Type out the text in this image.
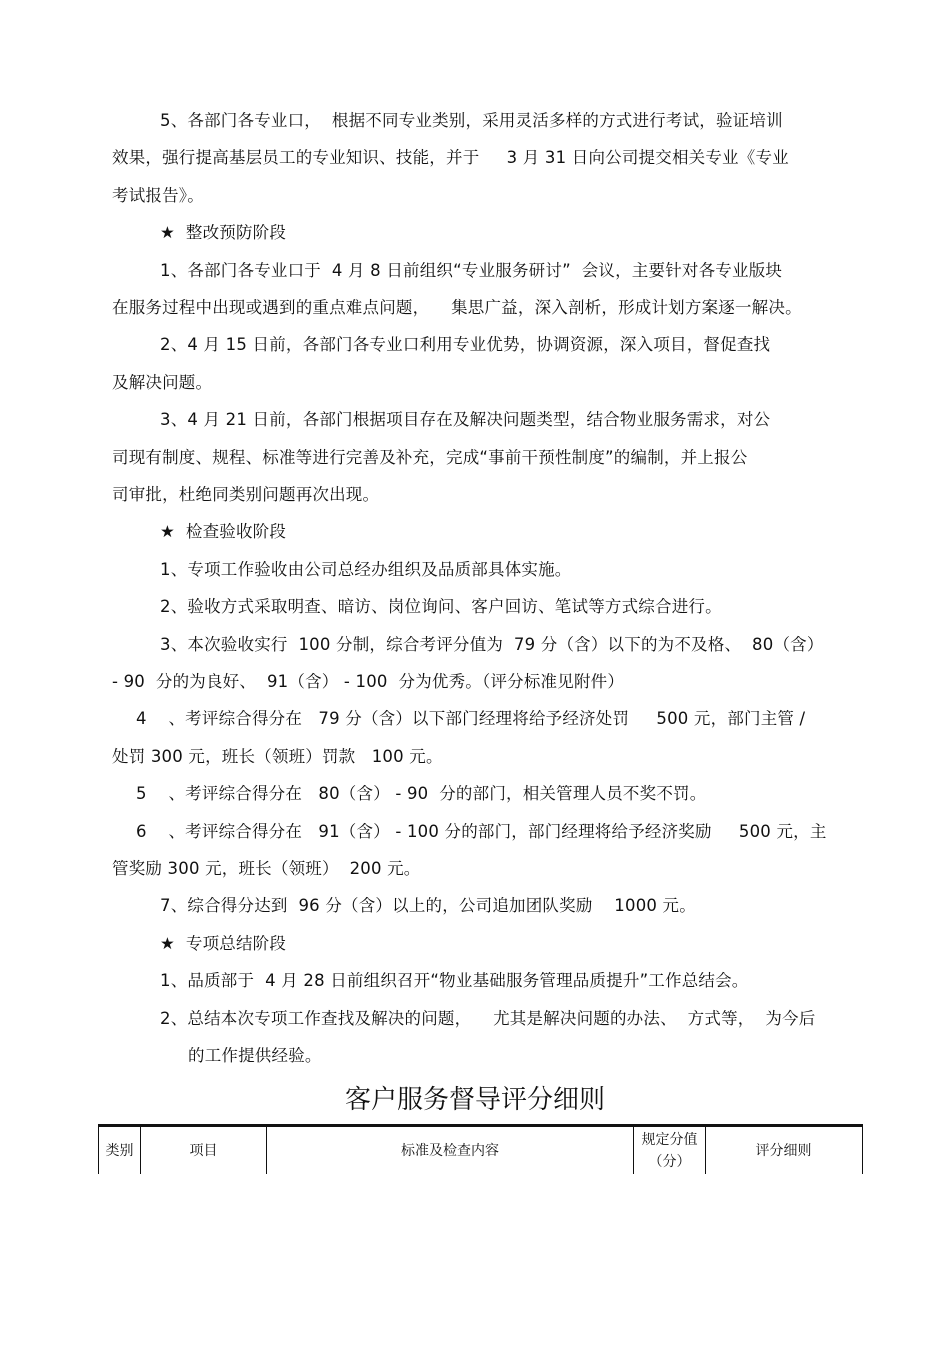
5、各部门各专业口，  根据不同专业类别，采用灵活多样的方式进行考试，验证培训
效果，强行提高基层员工的专业知识、技能，并于     3 月 31 日向公司提交相关专业《专业
考试报告》。
★  整改预防阶段
1、各部门各专业口于  4 月 8 日前组织“专业服务研讨”  会议，主要针对各专业版块
在服务过程中出现或遇到的重点难点问题，    集思广益，深入剖析，形成计划方案逐一解决。
2、4 月 15 日前，各部门各专业口利用专业优势，协调资源，深入项目，督促查找
及解决问题。
3、4 月 21 日前，各部门根据项目存在及解决问题类型，结合物业服务需求，对公
司现有制度、规程、标准等进行完善及补充，完成“事前干预性制度”的编制，并上报公
司审批，杜绝同类别问题再次出现。
★  检查验收阶段
1、专项工作验收由公司总经办组织及品质部具体实施。
2、验收方式采取明查、暗访、岗位询问、客户回访、笔试等方式综合进行。
3、本次验收实行  100 分制，综合考评分值为  79 分（含）以下的为不及格、  80（含）
- 90  分的为良好、  91（含） - 100  分为优秀。（评分标准见附件）
4    、考评综合得分在   79 分（含）以下部门经理将给予经济处罚     500 元，部门主管 /
处罚 300 元，班长（领班）罚款   100 元。
5    、考评综合得分在   80（含） - 90  分的部门，相关管理人员不奖不罚。
6    、考评综合得分在   91（含） - 100 分的部门，部门经理将给予经济奖励     500 元，主
管奖励 300 元，班长（领班）  200 元。
7、综合得分达到  96 分（含）以上的，公司追加团队奖励    1000 元。
★  专项总结阶段
1、品质部于  4 月 28 日前组织召开“物业基础服务管理品质提升”工作总结会。
2、总结本次专项工作查找及解决的问题，    尤其是解决问题的办法、  方式等，  为今后
的工作提供经验。
客户服务督导评分细则
类别	项目	标准及检查内容
规定分值（分）
评分细则
